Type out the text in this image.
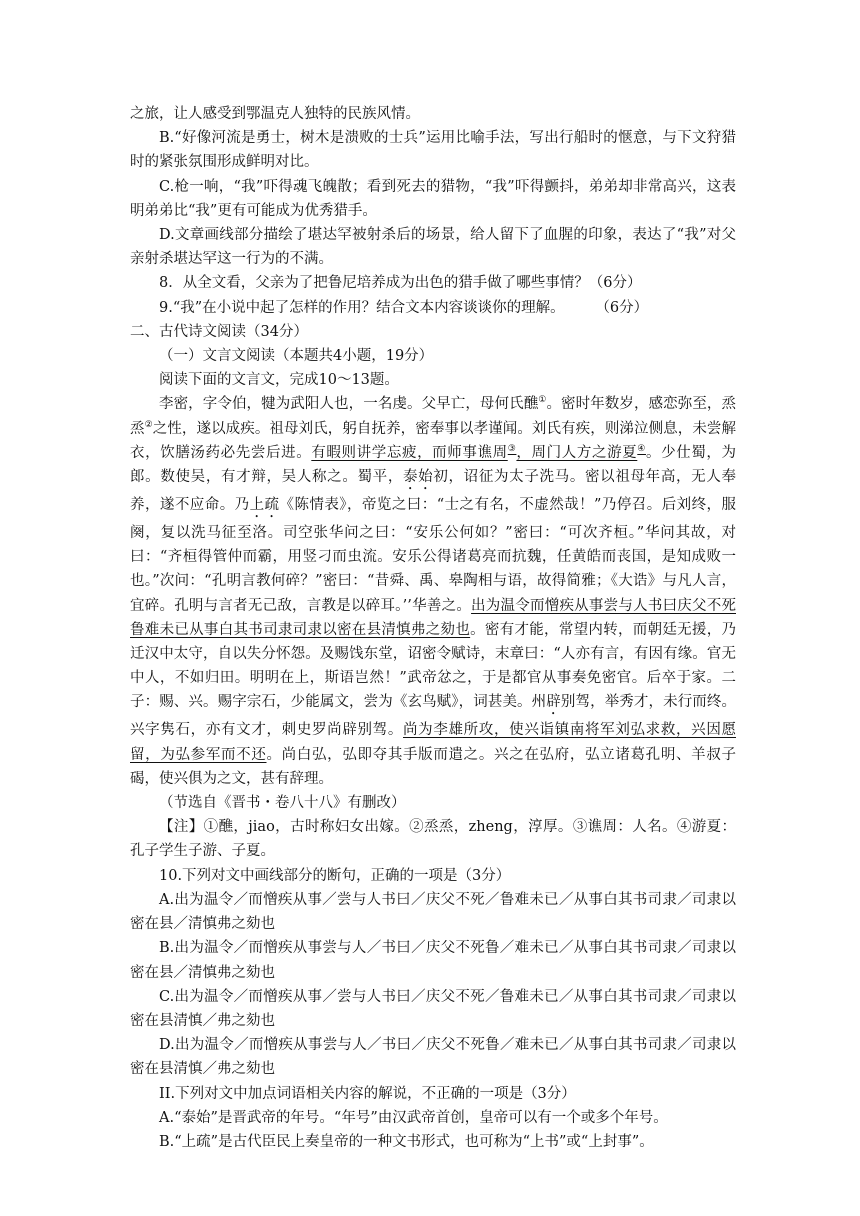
之旅，让人感受到鄂温克人独特的民族风情。

B.“好像河流是勇士，树木是溃败的士兵”运用比喻手法，写出行船时的惬意，与下文狩猎时的紧张氛围形成鲜明对比。

C.枪一响，“我”吓得魂飞魄散；看到死去的猎物，“我”吓得颤抖，弟弟却非常高兴，这表明弟弟比“我”更有可能成为优秀猎手。

D.文章画线部分描绘了堪达罕被射杀后的场景，给人留下了血腥的印象，表达了“我”对父亲射杀堪达罕这一行为的不满。

8．从全文看，父亲为了把鲁尼培养成为出色的猎手做了哪些事情？（6分）

9.“我”在小说中起了怎样的作用？结合文本内容谈谈你的理解。	（6分）

二、古代诗文阅读（34分）

（一）文言文阅读（本题共4小题，19分）

阅读下面的文言文，完成10～13题。

李密，字令伯，犍为武阳人也，一名虔。父早亡，母何氏醮①。密时年数岁，感恋弥至，烝烝②之性，遂以成疾。祖母刘氏，躬自抚养，密奉事以孝谨闻。刘氏有疾，则涕泣侧息，未尝解衣，饮膳汤药必先尝后进。有暇则讲学忘疲，而师事谯周③，周门人方之游夏④。少仕蜀，为郎。数使吴，有才辩，吴人称之。蜀平，泰始初，诏征为太子洗马。密以祖母年高，无人奉养，遂不应命。乃上疏《陈情表》，帝览之曰：“士之有名，不虚然哉！”乃停召。后刘终，服阕，复以洗马征至洛。司空张华问之曰：“安乐公何如？”密曰：“可次齐桓。”华问其故，对曰：“齐桓得管仲而霸，用竖刁而虫流。安乐公得诸葛亮而抗魏，任黄皓而丧国，是知成败一也。”次问：“孔明言教何碎？”密曰：“昔舜、禹、皋陶相与语，故得简雅；《大诰》与凡人言，宜碎。孔明与言者无己敌，言教是以碎耳。’’华善之。出为温令而憎疾从事尝与人书曰庆父不死鲁难未已从事白其书司隶司隶以密在县清慎弗之劾也。密有才能，常望内转，而朝廷无援，乃迁汉中太守，自以失分怀怨。及赐饯东堂，诏密令赋诗，末章曰：“人亦有言，有因有缘。官无中人，不如归田。明明在上，斯语岂然！”武帝忿之，于是都官从事奏免密官。后卒于家。二子：赐、兴。赐字宗石，少能属文，尝为《玄鸟赋》，词甚美。州辟别驾，举秀才，未行而终。兴字隽石，亦有文才，刺史罗尚辟别驾。尚为李雄所攻，使兴诣镇南将军刘弘求救，兴因愿留，为弘参军而不还。尚白弘，弘即夺其手版而遣之。兴之在弘府，弘立诸葛孔明、羊叔子碣，使兴俱为之文，甚有辞理。

（节选自《晋书・卷八十八》有删改）

【注】①醮，jiao，古时称妇女出嫁。②烝烝，zheng，淳厚。③谯周：人名。④游夏：孔子学生子游、子夏。

10.下列对文中画线部分的断句，正确的一项是（3分）

A.出为温令／而憎疾从事／尝与人书曰／庆父不死／鲁难未已／从事白其书司隶／司隶以密在县／清慎弗之劾也

B.出为温令／而憎疾从事尝与人／书曰／庆父不死鲁／难未已／从事白其书司隶／司隶以密在县／清慎弗之劾也

C.出为温令／而憎疾从事／尝与人书曰／庆父不死／鲁难未已／从事白其书司隶／司隶以密在县清慎／弗之劾也

D.出为温令／而憎疾从事尝与人／书曰／庆父不死鲁／难未已／从事白其书司隶／司隶以密在县清慎／弗之劾也

II.下列对文中加点词语相关内容的解说，不正确的一项是（3分）

A.“泰始”是晋武帝的年号。“年号”由汉武帝首创，皇帝可以有一个或多个年号。

B.“上疏”是古代臣民上奏皇帝的一种文书形式，也可称为“上书”或“上封事”。
